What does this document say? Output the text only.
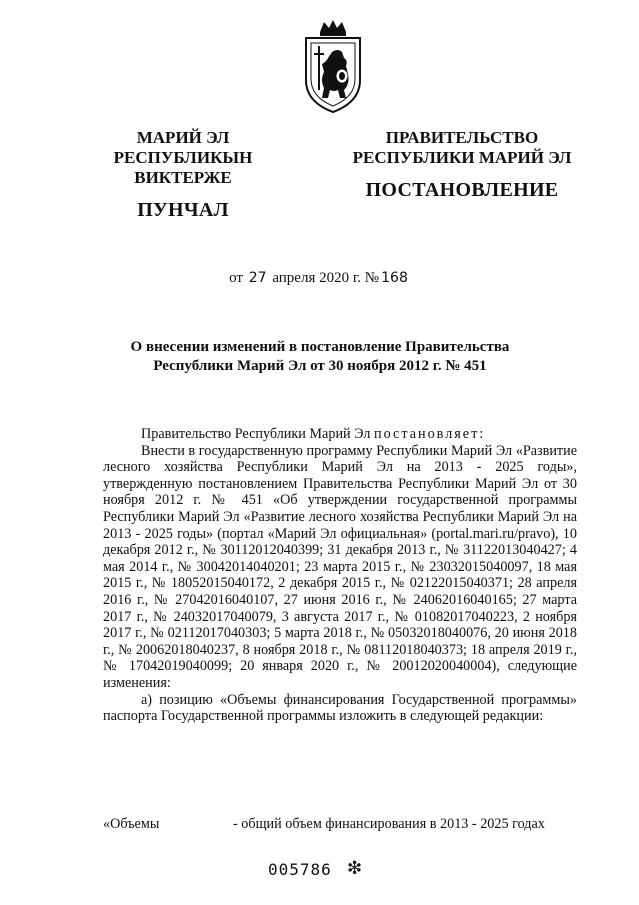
МАРИЙ ЭЛ РЕСПУБЛИКЫН
ВИКТЕРЖЕ
ПУНЧАЛ
ПРАВИТЕЛЬСТВО
РЕСПУБЛИКИ МАРИЙ ЭЛ
ПОСТАНОВЛЕНИЕ
от 27 апреля 2020 г. № 168
О внесении изменений в постановление Правительства
Республики Марий Эл от 30 ноября 2012 г. № 451

Правительство Республики Марий Эл постановляет:

Внести в государственную программу Республики Марий Эл «Развитие лесного хозяйства Республики Марий Эл на 2013 - 2025 годы», утвержденную постановлением Правительства Республики Марий Эл от 30 ноября 2012 г. № 451 «Об утверждении государственной программы Республики Марий Эл «Развитие лесного хозяйства Республики Марий Эл на 2013 - 2025 годы» (портал «Марий Эл официальная» (portal.mari.ru/pravo), 10 декабря 2012 г., № 30112012040399; 31 декабря 2013 г., № 31122013040427; 4 мая 2014 г., № 30042014040201; 23 марта 2015 г., № 23032015040097, 18 мая 2015 г., № 18052015040172, 2 декабря 2015 г., № 02122015040371; 28 апреля 2016 г., № 27042016040107, 27 июня 2016 г., № 24062016040165; 27 марта 2017 г., № 24032017040079, 3 августа 2017 г., № 01082017040223, 2 ноября 2017 г., № 02112017040303; 5 марта 2018 г., № 05032018040076, 20 июня 2018 г., № 20062018040237, 8 ноября 2018 г., № 08112018040373; 18 апреля 2019 г., № 17042019040099; 20 января 2020 г., № 20012020040004), следующие изменения:

а) позицию «Объемы финансирования Государственной программы» паспорта Государственной программы изложить в следующей редакции:

«Объемы	- общий объем финансирования в 2013 - 2025 годах
005786 ❇
